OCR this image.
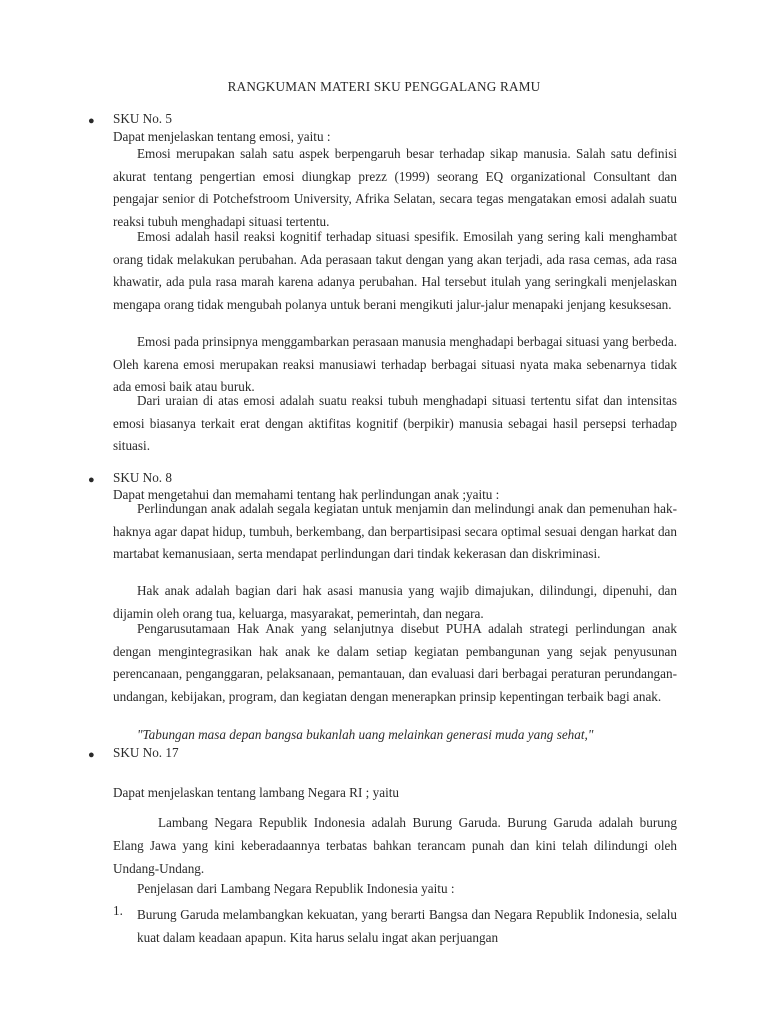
RANGKUMAN MATERI SKU PENGGALANG RAMU
● SKU No. 5
Dapat menjelaskan tentang emosi, yaitu :
Emosi merupakan salah satu aspek berpengaruh besar terhadap sikap manusia. Salah satu definisi akurat tentang pengertian emosi diungkap prezz (1999) seorang EQ organizational Consultant dan pengajar senior di Potchefstroom University, Afrika Selatan, secara tegas mengatakan emosi adalah suatu reaksi tubuh menghadapi situasi tertentu.
Emosi adalah hasil reaksi kognitif terhadap situasi spesifik. Emosilah yang sering kali menghambat orang tidak melakukan perubahan. Ada perasaan takut dengan yang akan terjadi, ada rasa cemas, ada rasa khawatir, ada pula rasa marah karena adanya perubahan. Hal tersebut itulah yang seringkali menjelaskan mengapa orang tidak mengubah polanya untuk berani mengikuti jalur-jalur menapaki jenjang kesuksesan.
Emosi pada prinsipnya menggambarkan perasaan manusia menghadapi berbagai situasi yang berbeda. Oleh karena emosi merupakan reaksi manusiawi terhadap berbagai situasi nyata maka sebenarnya tidak ada emosi baik atau buruk.
Dari uraian di atas emosi adalah suatu reaksi tubuh menghadapi situasi tertentu sifat dan intensitas emosi biasanya terkait erat dengan aktifitas kognitif (berpikir) manusia sebagai hasil persepsi terhadap situasi.
● SKU No. 8
Dapat mengetahui dan memahami tentang hak perlindungan anak ;yaitu :
Perlindungan anak adalah segala kegiatan untuk menjamin dan melindungi anak dan pemenuhan hak-haknya agar dapat hidup, tumbuh, berkembang, dan berpartisipasi secara optimal sesuai dengan harkat dan martabat kemanusiaan, serta mendapat perlindungan dari tindak kekerasan dan diskriminasi.
Hak anak adalah bagian dari hak asasi manusia yang wajib dimajukan, dilindungi, dipenuhi, dan dijamin oleh orang tua, keluarga, masyarakat, pemerintah, dan negara.
Pengarusutamaan Hak Anak yang selanjutnya disebut PUHA adalah strategi perlindungan anak dengan mengintegrasikan hak anak ke dalam setiap kegiatan pembangunan yang sejak penyusunan perencanaan, penganggaran, pelaksanaan, pemantauan, dan evaluasi dari berbagai peraturan perundangan-undangan, kebijakan, program, dan kegiatan dengan menerapkan prinsip kepentingan terbaik bagi anak.
"Tabungan masa depan bangsa bukanlah uang melainkan generasi muda yang sehat,"
● SKU No. 17
Dapat menjelaskan tentang lambang Negara RI ; yaitu
Lambang Negara Republik Indonesia adalah Burung Garuda. Burung Garuda adalah burung Elang Jawa yang kini keberadaannya terbatas bahkan terancam punah dan kini telah dilindungi oleh Undang-Undang.
Penjelasan dari Lambang Negara Republik Indonesia yaitu :
1. Burung Garuda melambangkan kekuatan, yang berarti Bangsa dan Negara Republik Indonesia, selalu kuat dalam keadaan apapun. Kita harus selalu ingat akan perjuangan
